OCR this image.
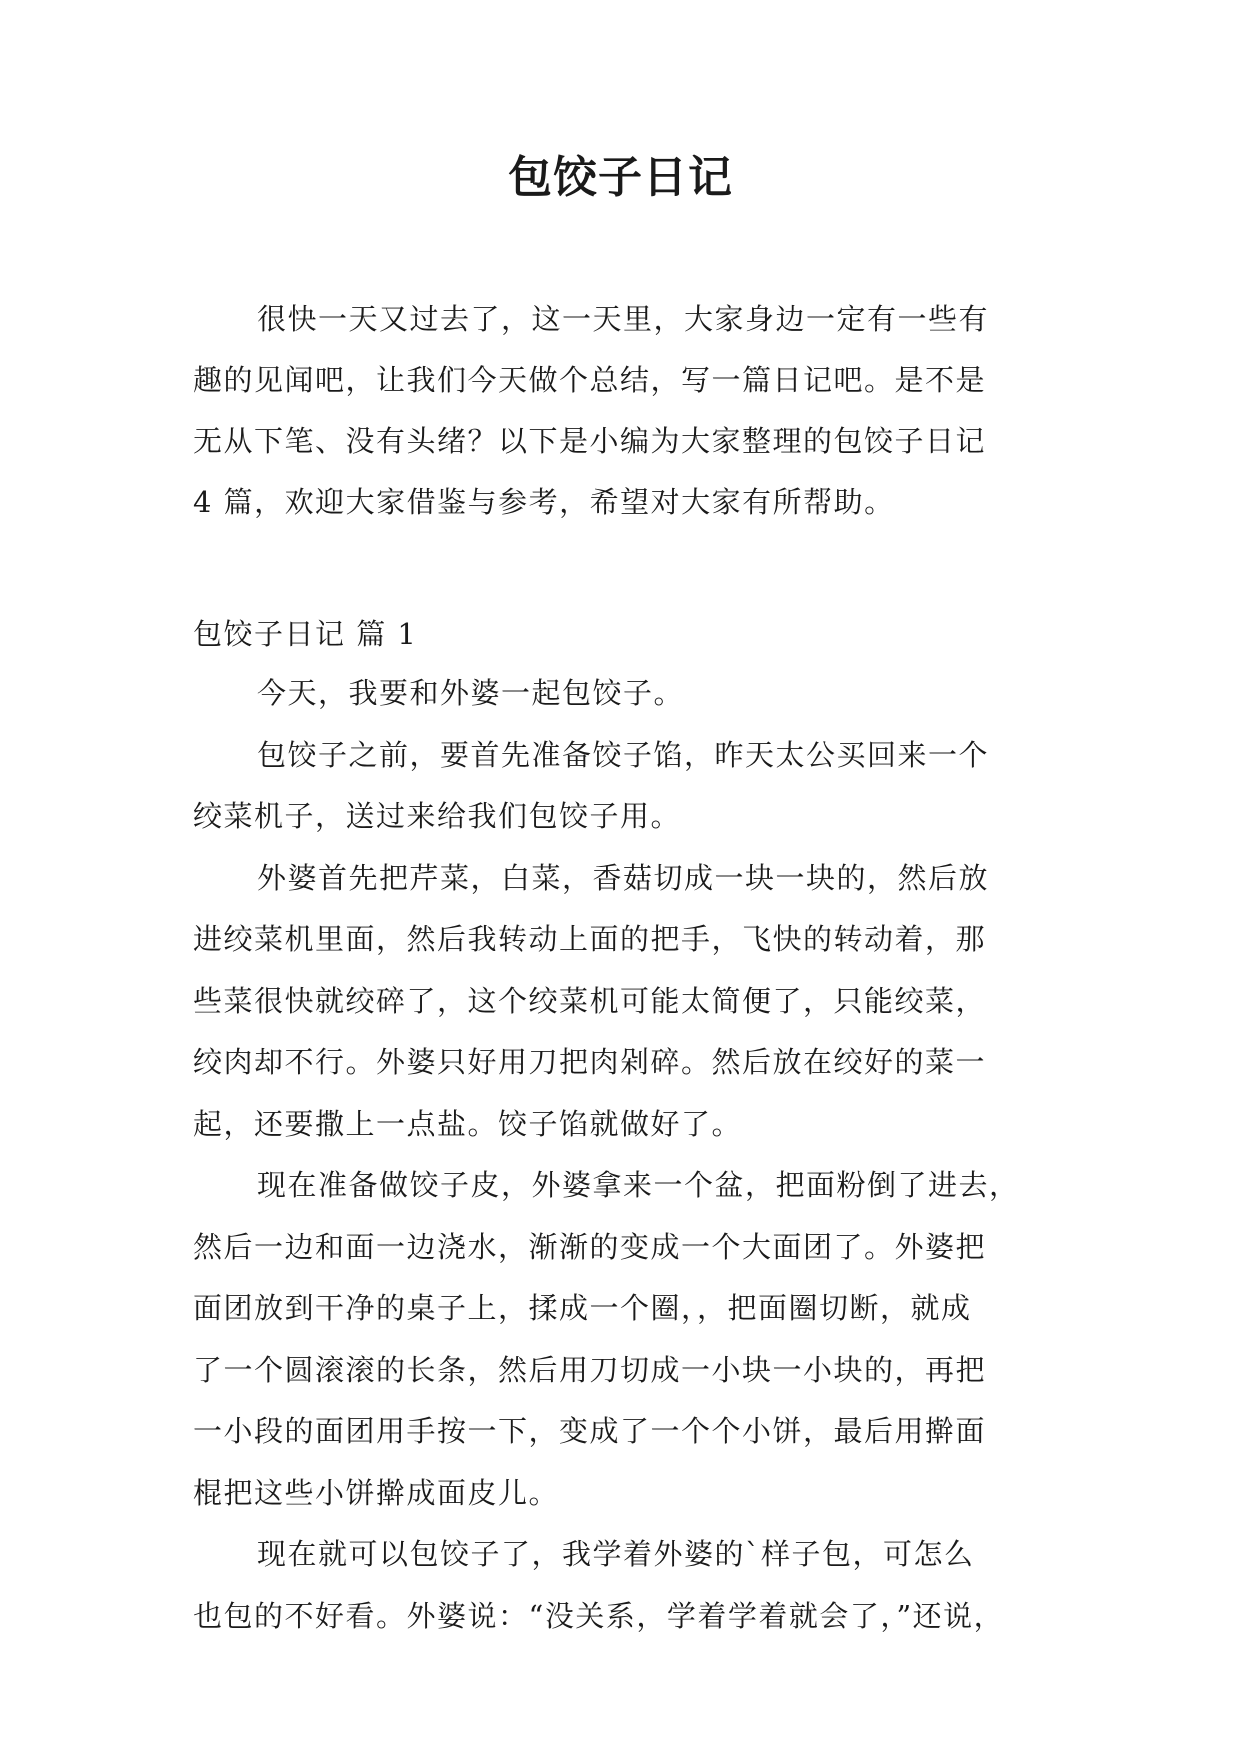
包饺子日记
很快一天又过去了，这一天里，大家身边一定有一些有
趣的见闻吧，让我们今天做个总结，写一篇日记吧。是不是
无从下笔、没有头绪？以下是小编为大家整理的包饺子日记
4 篇，欢迎大家借鉴与参考，希望对大家有所帮助。
包饺子日记 篇 1
今天，我要和外婆一起包饺子。
包饺子之前，要首先准备饺子馅，昨天太公买回来一个
绞菜机子，送过来给我们包饺子用。
外婆首先把芹菜，白菜，香菇切成一块一块的，然后放
进绞菜机里面，然后我转动上面的把手，飞快的转动着，那
些菜很快就绞碎了，这个绞菜机可能太简便了，只能绞菜，
绞肉却不行。外婆只好用刀把肉剁碎。然后放在绞好的菜一
起，还要撒上一点盐。饺子馅就做好了。
现在准备做饺子皮，外婆拿来一个盆，把面粉倒了进去，
然后一边和面一边浇水，渐渐的变成一个大面团了。外婆把
面团放到干净的桌子上，揉成一个圈，，把面圈切断，就成
了一个圆滚滚的长条，然后用刀切成一小块一小块的，再把
一小段的面团用手按一下，变成了一个个小饼，最后用擀面
棍把这些小饼擀成面皮儿。
现在就可以包饺子了，我学着外婆的`样子包，可怎么
也包的不好看。外婆说：“没关系，学着学着就会了，”还说，
